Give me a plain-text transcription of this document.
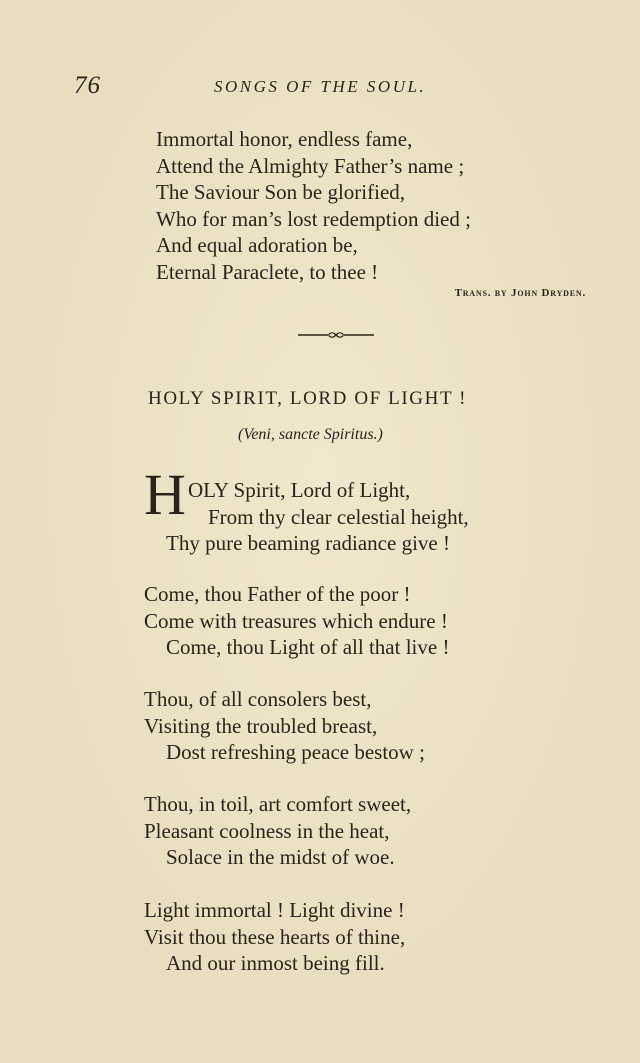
76	SONGS OF THE SOUL.
Immortal honor, endless fame,
Attend the Almighty Father’s name ;
The Saviour Son be glorified,
Who for man’s lost redemption died ;
And equal adoration be,
Eternal Paraclete, to thee !
Trans. by John Dryden.
HOLY SPIRIT, LORD OF LIGHT !
(Veni, sancte Spiritus.)
H OLY Spirit, Lord of Light,
From thy clear celestial height,
Thy pure beaming radiance give !
Come, thou Father of the poor !
Come with treasures which endure !
Come, thou Light of all that live !
Thou, of all consolers best,
Visiting the troubled breast,
Dost refreshing peace bestow ;
Thou, in toil, art comfort sweet,
Pleasant coolness in the heat,
Solace in the midst of woe.
Light immortal ! Light divine !
Visit thou these hearts of thine,
And our inmost being fill.
